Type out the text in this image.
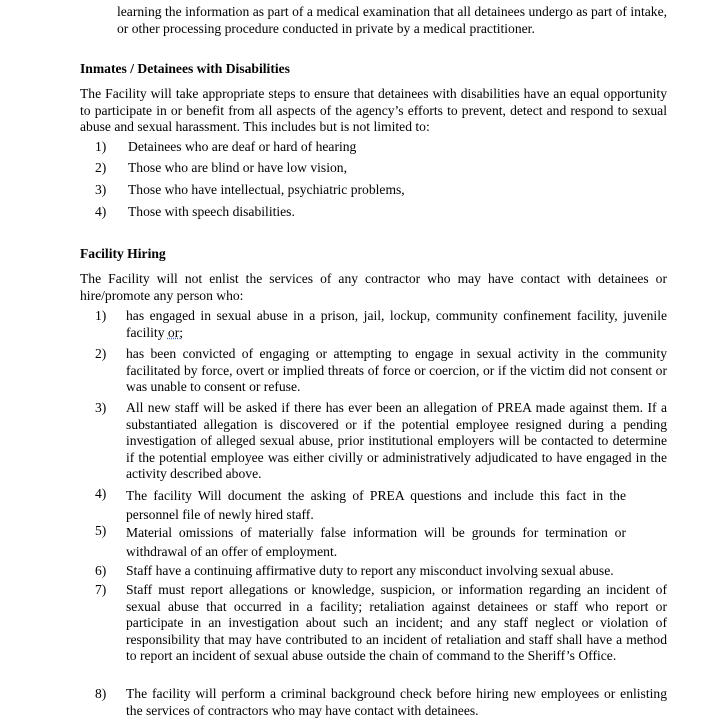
learning the information as part of a medical examination that all detainees undergo as part of intake, or other processing procedure conducted in private by a medical practitioner.
Inmates / Detainees with Disabilities
The Facility will take appropriate steps to ensure that detainees with disabilities have an equal opportunity to participate in or benefit from all aspects of the agency’s efforts to prevent, detect and respond to sexual abuse and sexual harassment. This includes but is not limited to:
1)	Detainees who are deaf or hard of hearing
2)	Those who are blind or have low vision,
3)	Those who have intellectual, psychiatric problems,
4)	Those with speech disabilities.
Facility Hiring
The Facility will not enlist the services of any contractor who may have contact with detainees or hire/promote any person who:
1)	has engaged in sexual abuse in a prison, jail, lockup, community confinement facility, juvenile facility or;
2)	has been convicted of engaging or attempting to engage in sexual activity in the community facilitated by force, overt or implied threats of force or coercion, or if the victim did not consent or was unable to consent or refuse.
3)	All new staff will be asked if there has ever been an allegation of PREA made against them. If a substantiated allegation is discovered or if the potential employee resigned during a pending investigation of alleged sexual abuse, prior institutional employers will be contacted to determine if the potential employee was either civilly or administratively adjudicated to have engaged in the activity described above.
4)	The facility Will document the asking of PREA questions and include this fact in the personnel file of newly hired staff.
5)	Material omissions of materially false information will be grounds for termination or withdrawal of an offer of employment.
6)	Staff have a continuing affirmative duty to report any misconduct involving sexual abuse.
7)	Staff must report allegations or knowledge, suspicion, or information regarding an incident of sexual abuse that occurred in a facility; retaliation against detainees or staff who report or participate in an investigation about such an incident; and any staff neglect or violation of responsibility that may have contributed to an incident of retaliation and staff shall have a method to report an incident of sexual abuse outside the chain of command to the Sheriff’s Office.
8)	The facility will perform a criminal background check before hiring new employees or enlisting the services of contractors who may have contact with detainees.
